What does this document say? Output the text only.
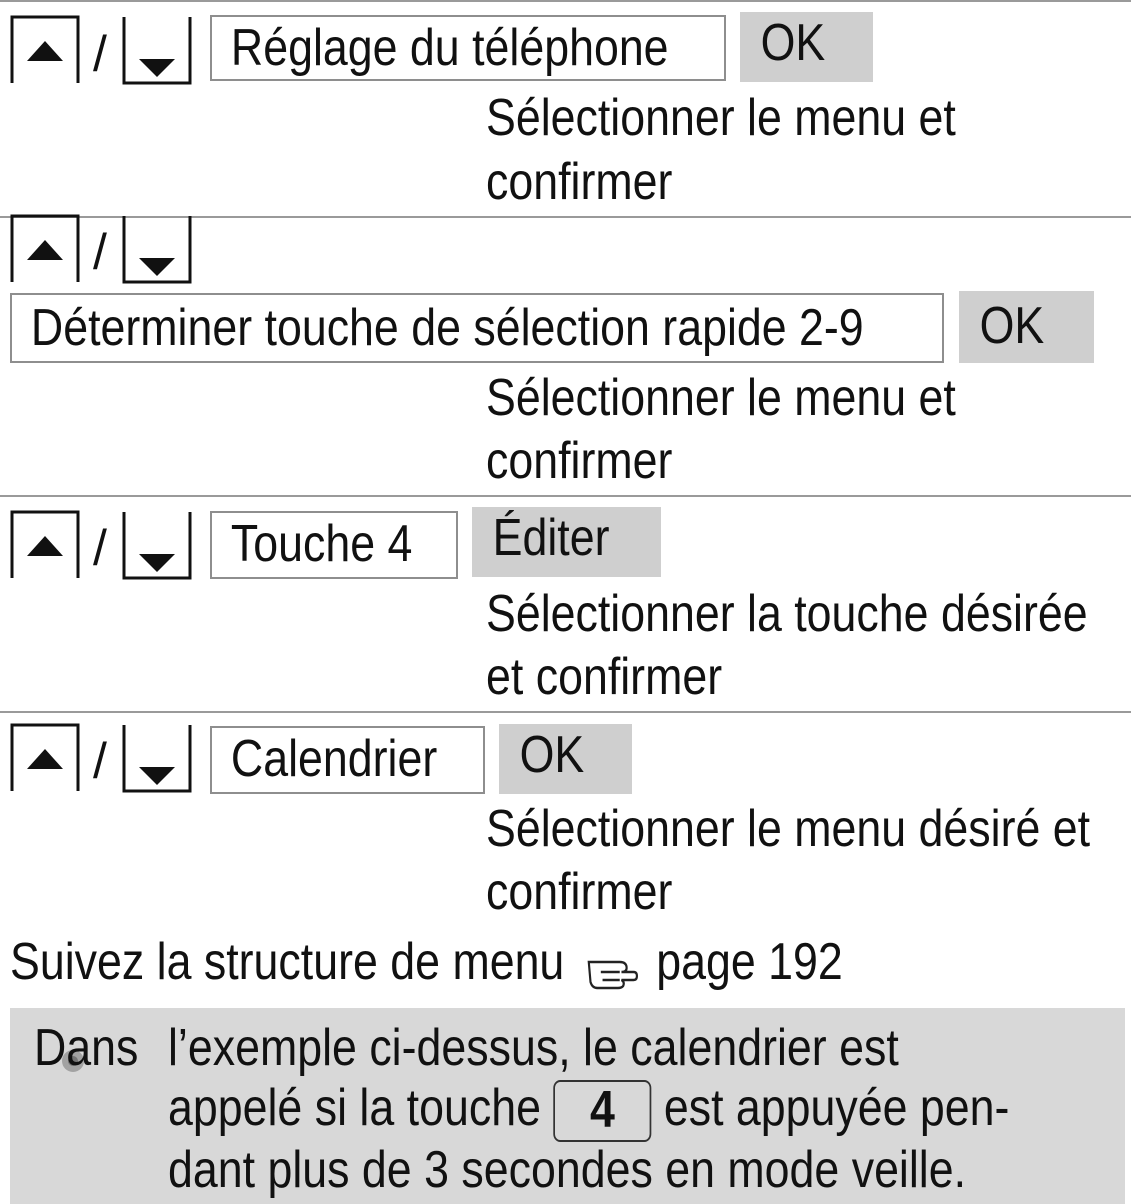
/	Réglage du téléphone	OK
Sélectionner le menu et
confirmer
/
Déterminer touche de sélection rapide 2-9	OK
Sélectionner le menu et
confirmer
/	Touche 4	Éditer
Sélectionner la touche désirée
et confirmer
/	Calendrier	OK
Sélectionner le menu désiré et
confirmer
Suivez la structure de menu page 192
Dans l’exemple ci-dessus, le calendrier est
appelé si la touche 4 est appuyée pen-
dant plus de 3 secondes en mode veille.
